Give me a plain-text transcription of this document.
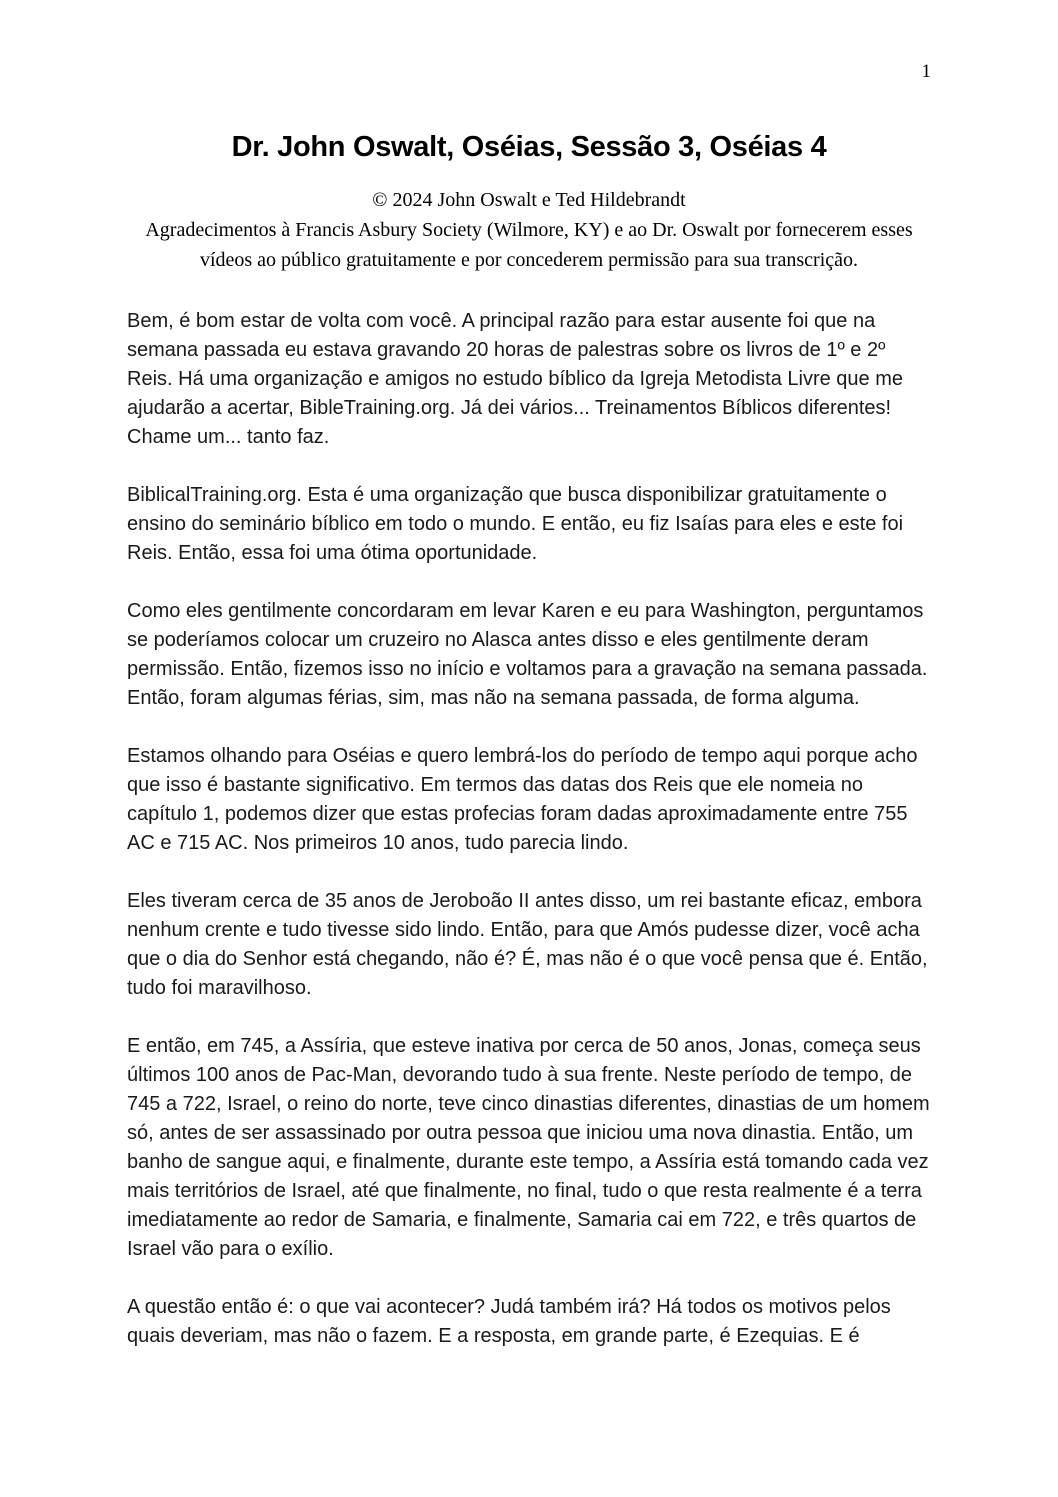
1
Dr. John Oswalt, Oséias, Sessão 3, Oséias 4
© 2024 John Oswalt e Ted Hildebrandt
Agradecimentos à Francis Asbury Society (Wilmore, KY) e ao Dr. Oswalt por fornecerem esses vídeos ao público gratuitamente e por concederem permissão para sua transcrição.

Bem, é bom estar de volta com você. A principal razão para estar ausente foi que na semana passada eu estava gravando 20 horas de palestras sobre os livros de 1º e 2º Reis. Há uma organização e amigos no estudo bíblico da Igreja Metodista Livre que me ajudarão a acertar, BibleTraining.org. Já dei vários... Treinamentos Bíblicos diferentes! Chame um... tanto faz.

BiblicalTraining.org. Esta é uma organização que busca disponibilizar gratuitamente o ensino do seminário bíblico em todo o mundo. E então, eu fiz Isaías para eles e este foi Reis. Então, essa foi uma ótima oportunidade.

Como eles gentilmente concordaram em levar Karen e eu para Washington, perguntamos se poderíamos colocar um cruzeiro no Alasca antes disso e eles gentilmente deram permissão. Então, fizemos isso no início e voltamos para a gravação na semana passada. Então, foram algumas férias, sim, mas não na semana passada, de forma alguma.

Estamos olhando para Oséias e quero lembrá-los do período de tempo aqui porque acho que isso é bastante significativo. Em termos das datas dos Reis que ele nomeia no capítulo 1, podemos dizer que estas profecias foram dadas aproximadamente entre 755 AC e 715 AC. Nos primeiros 10 anos, tudo parecia lindo.

Eles tiveram cerca de 35 anos de Jeroboão II antes disso, um rei bastante eficaz, embora nenhum crente e tudo tivesse sido lindo. Então, para que Amós pudesse dizer, você acha que o dia do Senhor está chegando, não é? É, mas não é o que você pensa que é. Então, tudo foi maravilhoso.

E então, em 745, a Assíria, que esteve inativa por cerca de 50 anos, Jonas, começa seus últimos 100 anos de Pac-Man, devorando tudo à sua frente. Neste período de tempo, de 745 a 722, Israel, o reino do norte, teve cinco dinastias diferentes, dinastias de um homem só, antes de ser assassinado por outra pessoa que iniciou uma nova dinastia. Então, um banho de sangue aqui, e finalmente, durante este tempo, a Assíria está tomando cada vez mais territórios de Israel, até que finalmente, no final, tudo o que resta realmente é a terra imediatamente ao redor de Samaria, e finalmente, Samaria cai em 722, e três quartos de Israel vão para o exílio.

A questão então é: o que vai acontecer? Judá também irá? Há todos os motivos pelos quais deveriam, mas não o fazem. E a resposta, em grande parte, é Ezequias. E é
